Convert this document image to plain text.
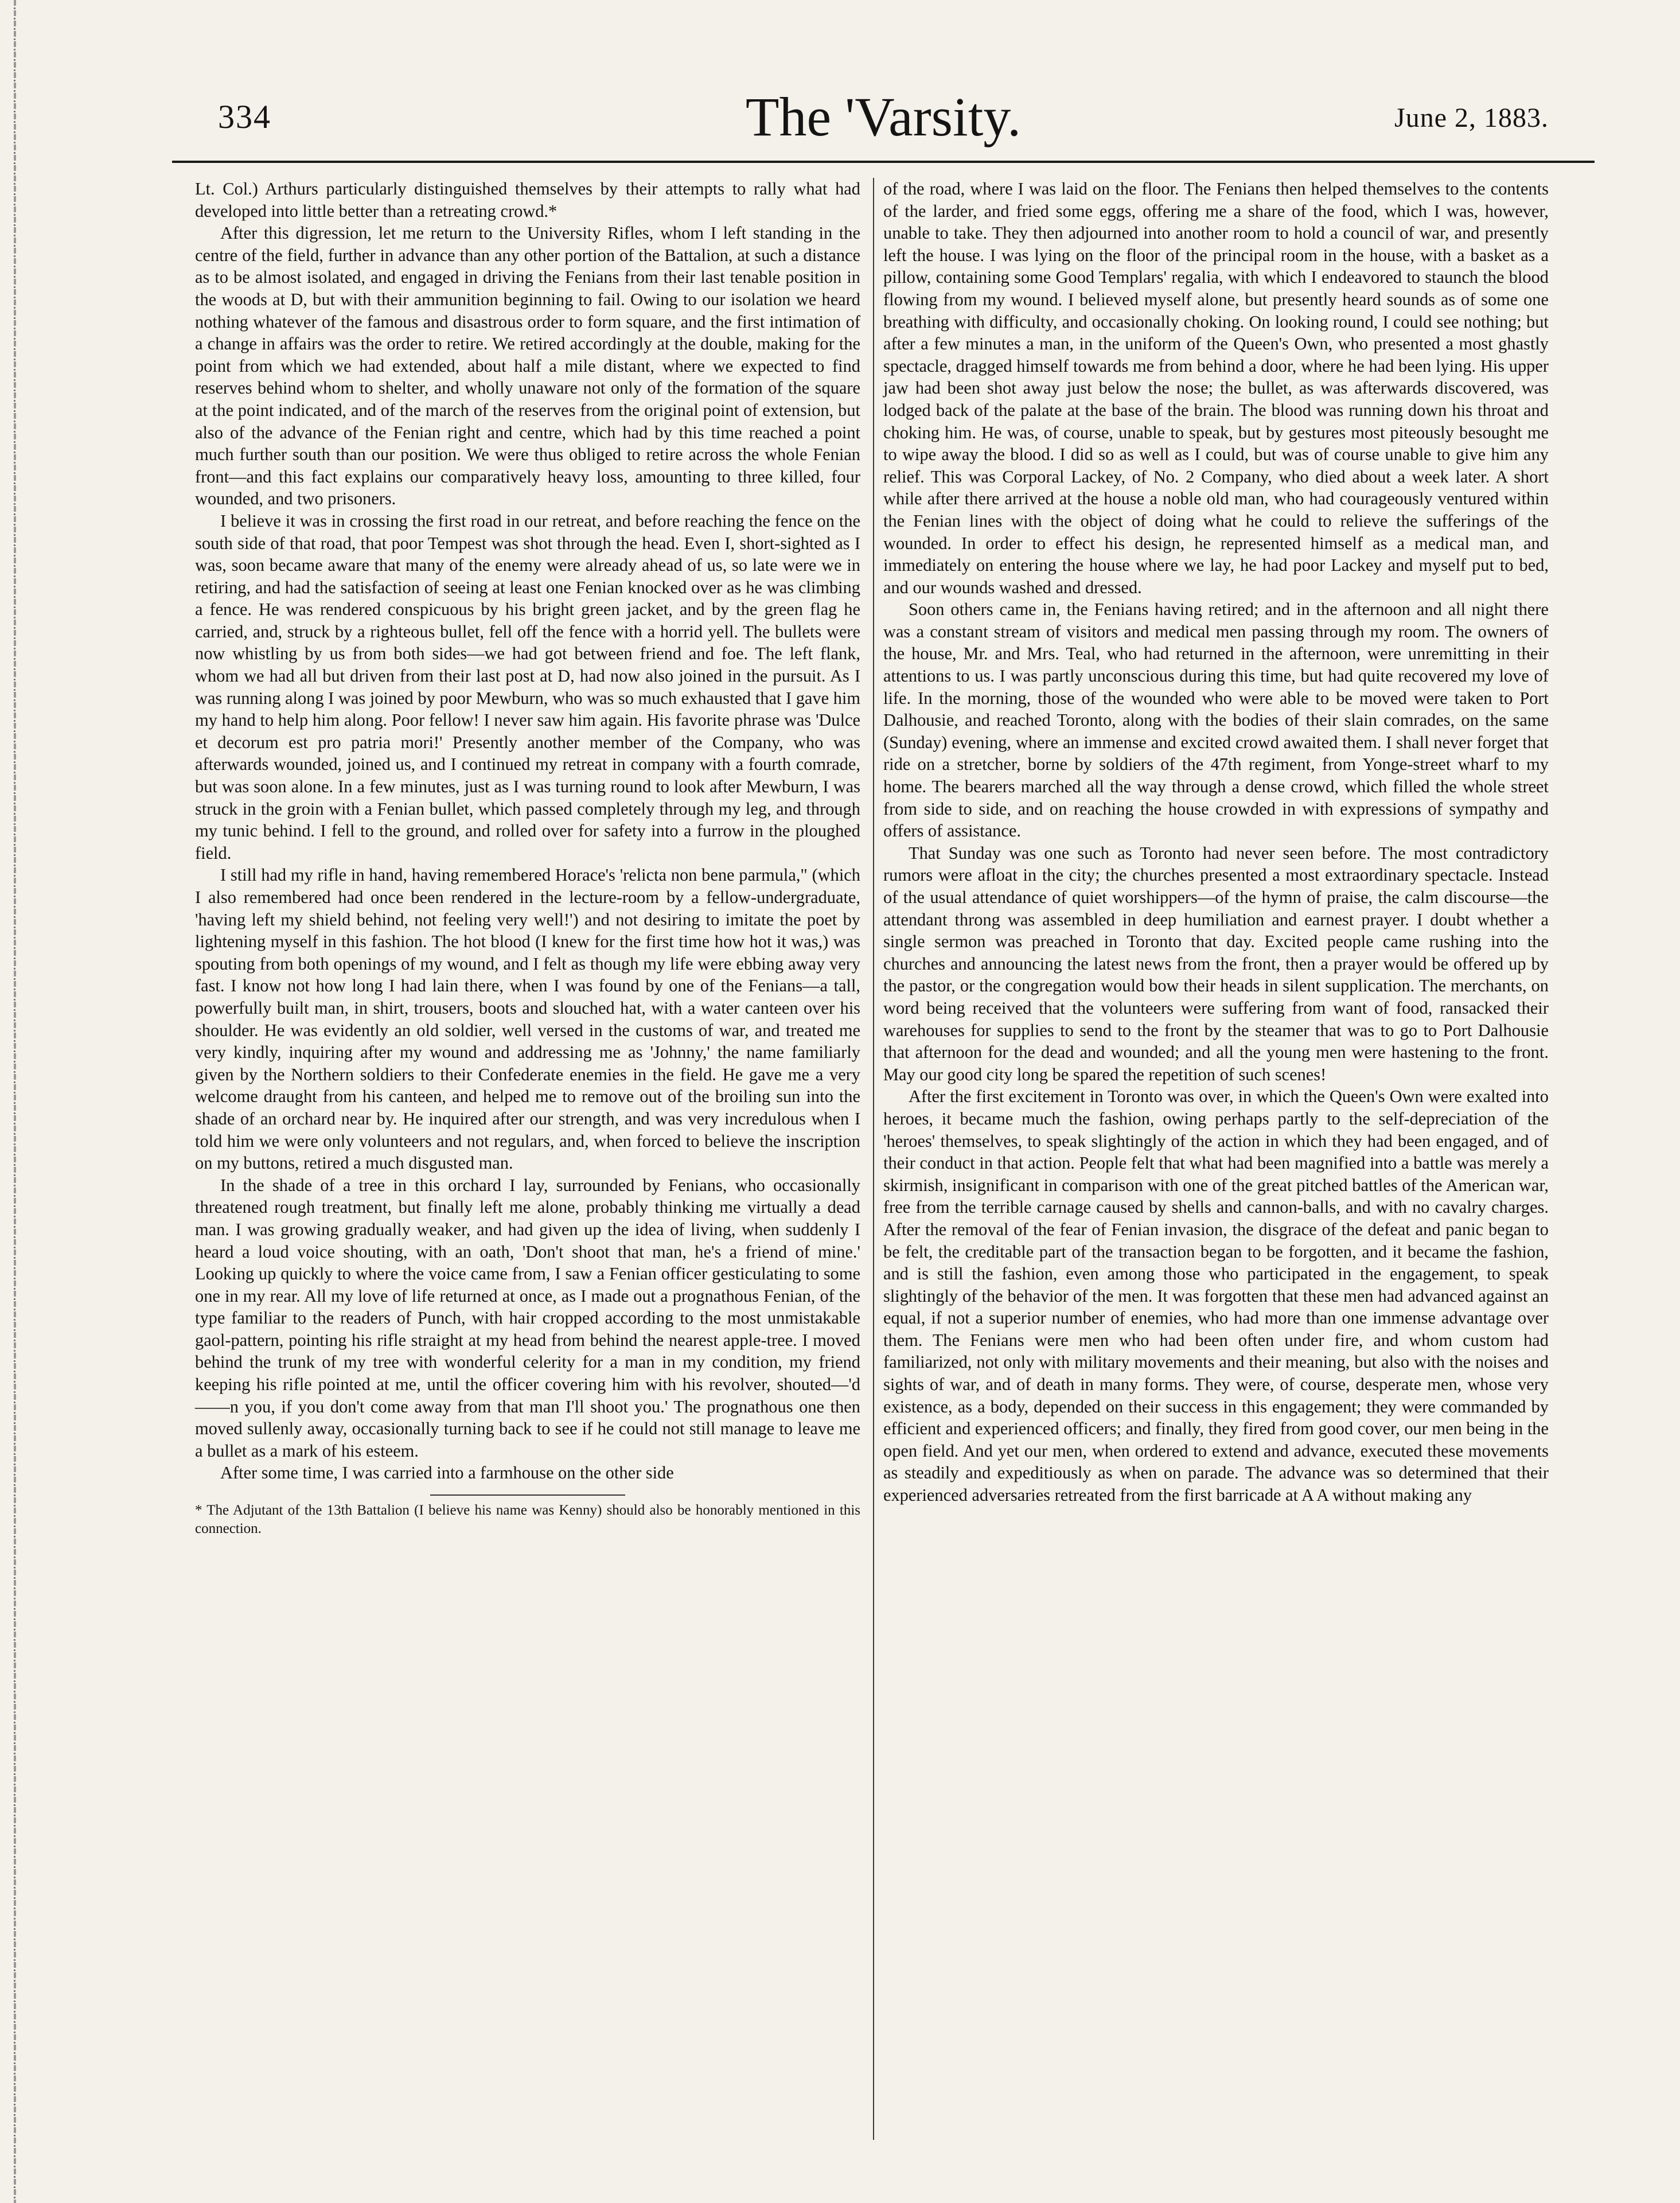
334	The 'Varsity.	June 2, 1883.

Lt. Col.) Arthurs particularly distinguished themselves by their attempts to rally what had developed into little better than a retreating crowd.*

After this digression, let me return to the University Rifles, whom I left standing in the centre of the field, further in advance than any other portion of the Battalion, at such a distance as to be almost isolated, and engaged in driving the Fenians from their last tenable position in the woods at D, but with their ammunition beginning to fail. Owing to our isolation we heard nothing whatever of the famous and disastrous order to form square, and the first intimation of a change in affairs was the order to retire. We retired accordingly at the double, making for the point from which we had extended, about half a mile distant, where we expected to find reserves behind whom to shelter, and wholly unaware not only of the formation of the square at the point indicated, and of the march of the reserves from the original point of extension, but also of the advance of the Fenian right and centre, which had by this time reached a point much further south than our position. We were thus obliged to retire across the whole Fenian front—and this fact explains our comparatively heavy loss, amounting to three killed, four wounded, and two prisoners.

I believe it was in crossing the first road in our retreat, and before reaching the fence on the south side of that road, that poor Tempest was shot through the head. Even I, short-sighted as I was, soon became aware that many of the enemy were already ahead of us, so late were we in retiring, and had the satisfaction of seeing at least one Fenian knocked over as he was climbing a fence. He was rendered conspicuous by his bright green jacket, and by the green flag he carried, and, struck by a righteous bullet, fell off the fence with a horrid yell. The bullets were now whistling by us from both sides—we had got between friend and foe. The left flank, whom we had all but driven from their last post at D, had now also joined in the pursuit. As I was running along I was joined by poor Mewburn, who was so much exhausted that I gave him my hand to help him along. Poor fellow! I never saw him again. His favorite phrase was 'Dulce et decorum est pro patria mori!' Presently another member of the Company, who was afterwards wounded, joined us, and I continued my retreat in company with a fourth comrade, but was soon alone. In a few minutes, just as I was turning round to look after Mewburn, I was struck in the groin with a Fenian bullet, which passed completely through my leg, and through my tunic behind. I fell to the ground, and rolled over for safety into a furrow in the ploughed field.

I still had my rifle in hand, having remembered Horace's 'relicta non bene parmula," (which I also remembered had once been rendered in the lecture-room by a fellow-undergraduate, 'having left my shield behind, not feeling very well!') and not desiring to imitate the poet by lightening myself in this fashion. The hot blood (I knew for the first time how hot it was,) was spouting from both openings of my wound, and I felt as though my life were ebbing away very fast. I know not how long I had lain there, when I was found by one of the Fenians—a tall, powerfully built man, in shirt, trousers, boots and slouched hat, with a water canteen over his shoulder. He was evidently an old soldier, well versed in the customs of war, and treated me very kindly, inquiring after my wound and addressing me as 'Johnny,' the name familiarly given by the Northern soldiers to their Confederate enemies in the field. He gave me a very welcome draught from his canteen, and helped me to remove out of the broiling sun into the shade of an orchard near by. He inquired after our strength, and was very incredulous when I told him we were only volunteers and not regulars, and, when forced to believe the inscription on my buttons, retired a much disgusted man.

In the shade of a tree in this orchard I lay, surrounded by Fenians, who occasionally threatened rough treatment, but finally left me alone, probably thinking me virtually a dead man. I was growing gradually weaker, and had given up the idea of living, when suddenly I heard a loud voice shouting, with an oath, 'Don't shoot that man, he's a friend of mine.' Looking up quickly to where the voice came from, I saw a Fenian officer gesticulating to some one in my rear. All my love of life returned at once, as I made out a prognathous Fenian, of the type familiar to the readers of Punch, with hair cropped according to the most unmistakable gaol-pattern, pointing his rifle straight at my head from behind the nearest apple-tree. I moved behind the trunk of my tree with wonderful celerity for a man in my condition, my friend keeping his rifle pointed at me, until the officer covering him with his revolver, shouted—'d——n you, if you don't come away from that man I'll shoot you.' The prognathous one then moved sullenly away, occasionally turning back to see if he could not still manage to leave me a bullet as a mark of his esteem.

After some time, I was carried into a farmhouse on the other side

* The Adjutant of the 13th Battalion (I believe his name was Kenny) should also be honorably mentioned in this connection.

of the road, where I was laid on the floor. The Fenians then helped themselves to the contents of the larder, and fried some eggs, offering me a share of the food, which I was, however, unable to take. They then adjourned into another room to hold a council of war, and presently left the house. I was lying on the floor of the principal room in the house, with a basket as a pillow, containing some Good Templars' regalia, with which I endeavored to staunch the blood flowing from my wound. I believed myself alone, but presently heard sounds as of some one breathing with difficulty, and occasionally choking. On looking round, I could see nothing; but after a few minutes a man, in the uniform of the Queen's Own, who presented a most ghastly spectacle, dragged himself towards me from behind a door, where he had been lying. His upper jaw had been shot away just below the nose; the bullet, as was afterwards discovered, was lodged back of the palate at the base of the brain. The blood was running down his throat and choking him. He was, of course, unable to speak, but by gestures most piteously besought me to wipe away the blood. I did so as well as I could, but was of course unable to give him any relief. This was Corporal Lackey, of No. 2 Company, who died about a week later. A short while after there arrived at the house a noble old man, who had courageously ventured within the Fenian lines with the object of doing what he could to relieve the sufferings of the wounded. In order to effect his design, he represented himself as a medical man, and immediately on entering the house where we lay, he had poor Lackey and myself put to bed, and our wounds washed and dressed.

Soon others came in, the Fenians having retired; and in the afternoon and all night there was a constant stream of visitors and medical men passing through my room. The owners of the house, Mr. and Mrs. Teal, who had returned in the afternoon, were unremitting in their attentions to us. I was partly unconscious during this time, but had quite recovered my love of life. In the morning, those of the wounded who were able to be moved were taken to Port Dalhousie, and reached Toronto, along with the bodies of their slain comrades, on the same (Sunday) evening, where an immense and excited crowd awaited them. I shall never forget that ride on a stretcher, borne by soldiers of the 47th regiment, from Yonge-street wharf to my home. The bearers marched all the way through a dense crowd, which filled the whole street from side to side, and on reaching the house crowded in with expressions of sympathy and offers of assistance.

That Sunday was one such as Toronto had never seen before. The most contradictory rumors were afloat in the city; the churches presented a most extraordinary spectacle. Instead of the usual attendance of quiet worshippers—of the hymn of praise, the calm discourse—the attendant throng was assembled in deep humiliation and earnest prayer. I doubt whether a single sermon was preached in Toronto that day. Excited people came rushing into the churches and announcing the latest news from the front, then a prayer would be offered up by the pastor, or the congregation would bow their heads in silent supplication. The merchants, on word being received that the volunteers were suffering from want of food, ransacked their warehouses for supplies to send to the front by the steamer that was to go to Port Dalhousie that afternoon for the dead and wounded; and all the young men were hastening to the front. May our good city long be spared the repetition of such scenes!

After the first excitement in Toronto was over, in which the Queen's Own were exalted into heroes, it became much the fashion, owing perhaps partly to the self-depreciation of the 'heroes' themselves, to speak slightingly of the action in which they had been engaged, and of their conduct in that action. People felt that what had been magnified into a battle was merely a skirmish, insignificant in comparison with one of the great pitched battles of the American war, free from the terrible carnage caused by shells and cannon-balls, and with no cavalry charges. After the removal of the fear of Fenian invasion, the disgrace of the defeat and panic began to be felt, the creditable part of the transaction began to be forgotten, and it became the fashion, and is still the fashion, even among those who participated in the engagement, to speak slightingly of the behavior of the men. It was forgotten that these men had advanced against an equal, if not a superior number of enemies, who had more than one immense advantage over them. The Fenians were men who had been often under fire, and whom custom had familiarized, not only with military movements and their meaning, but also with the noises and sights of war, and of death in many forms. They were, of course, desperate men, whose very existence, as a body, depended on their success in this engagement; they were commanded by efficient and experienced officers; and finally, they fired from good cover, our men being in the open field. And yet our men, when ordered to extend and advance, executed these movements as steadily and expeditiously as when on parade. The advance was so determined that their experienced adversaries retreated from the first barricade at A A without making any
